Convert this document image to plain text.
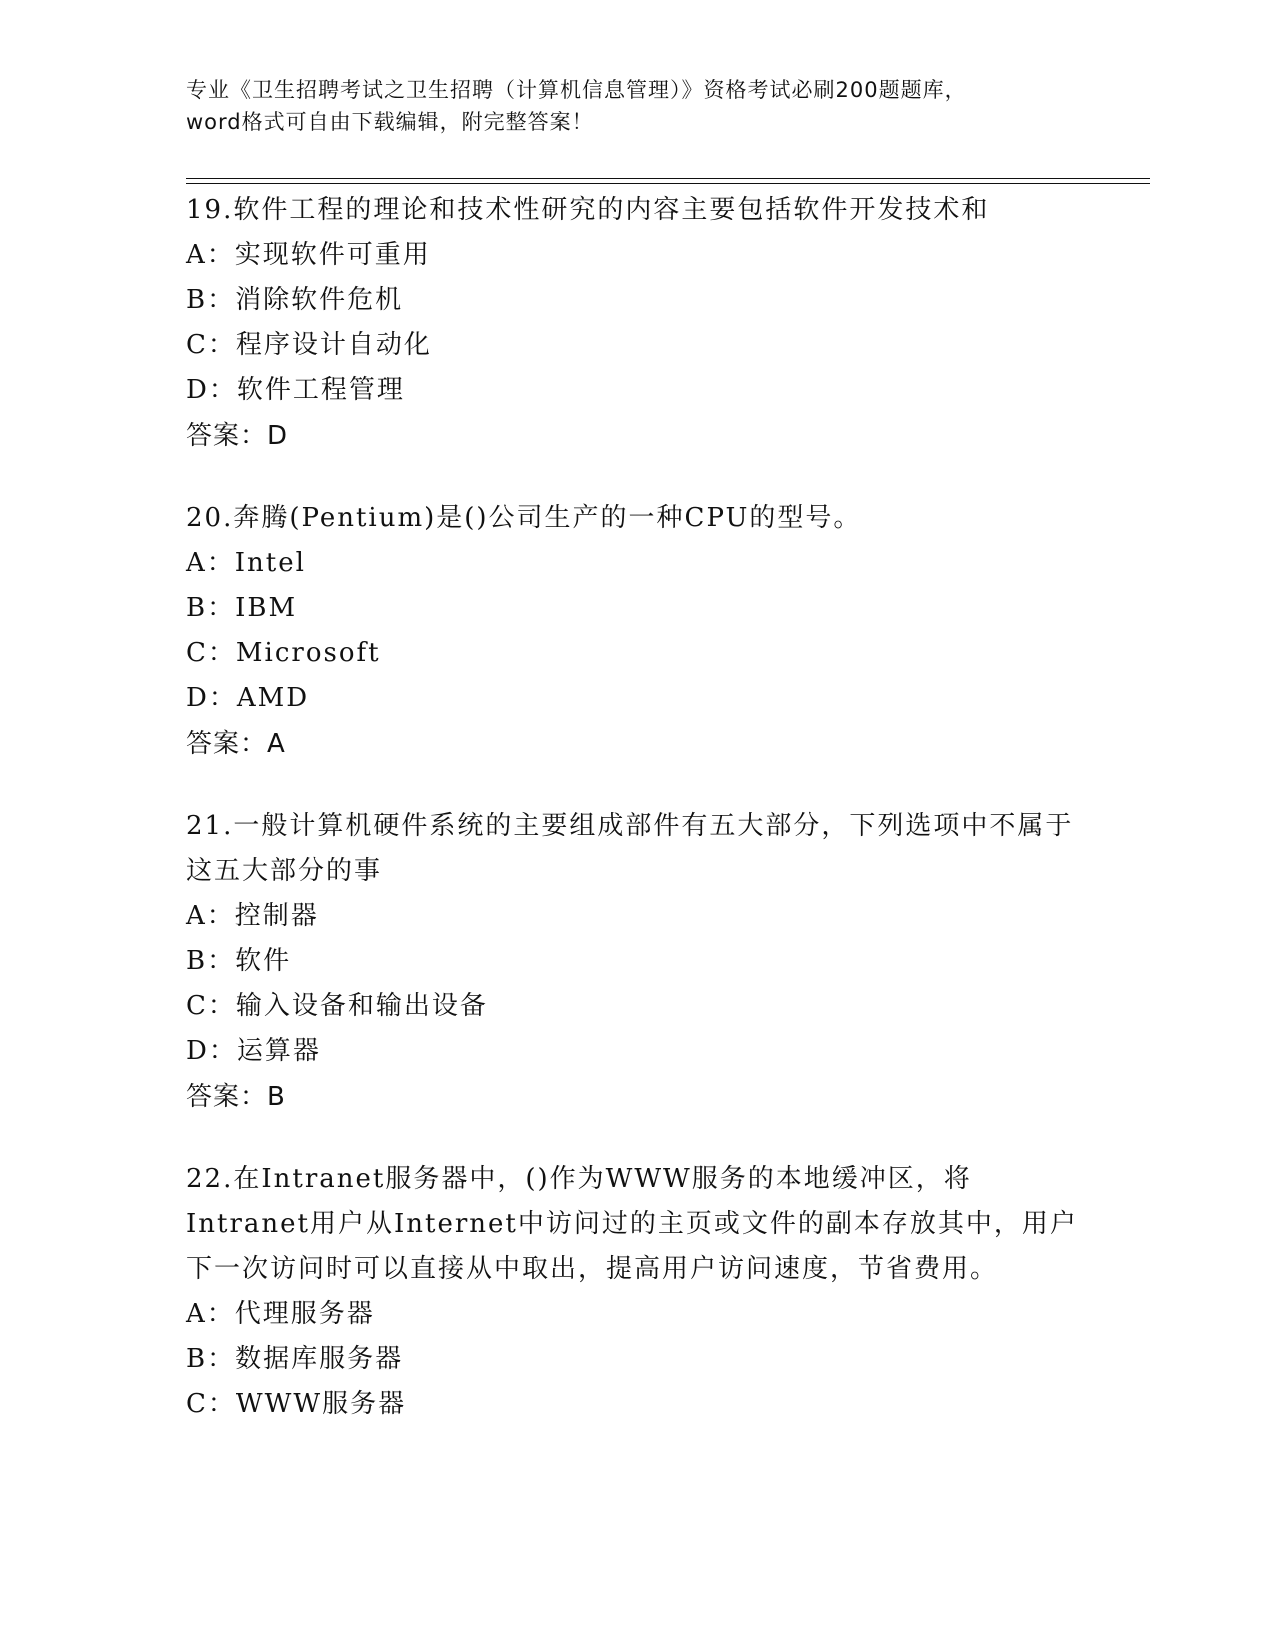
专业《卫生招聘考试之卫生招聘（计算机信息管理）》资格考试必刷200题题库，
word格式可自由下载编辑，附完整答案！
19.软件工程的理论和技术性研究的内容主要包括软件开发技术和
A：实现软件可重用
B：消除软件危机
C：程序设计自动化
D：软件工程管理
答案：D
20.奔腾(Pentium)是()公司生产的一种CPU的型号。
A：Intel
B：IBM
C：Microsoft
D：AMD
答案：A
21.一般计算机硬件系统的主要组成部件有五大部分，下列选项中不属于这五大部分的事
A：控制器
B：软件
C：输入设备和输出设备
D：运算器
答案：B
22.在Intranet服务器中，()作为WWW服务的本地缓冲区，将Intranet用户从Internet中访问过的主页或文件的副本存放其中，用户下一次访问时可以直接从中取出，提高用户访问速度，节省费用。
A：代理服务器
B：数据库服务器
C：WWW服务器
